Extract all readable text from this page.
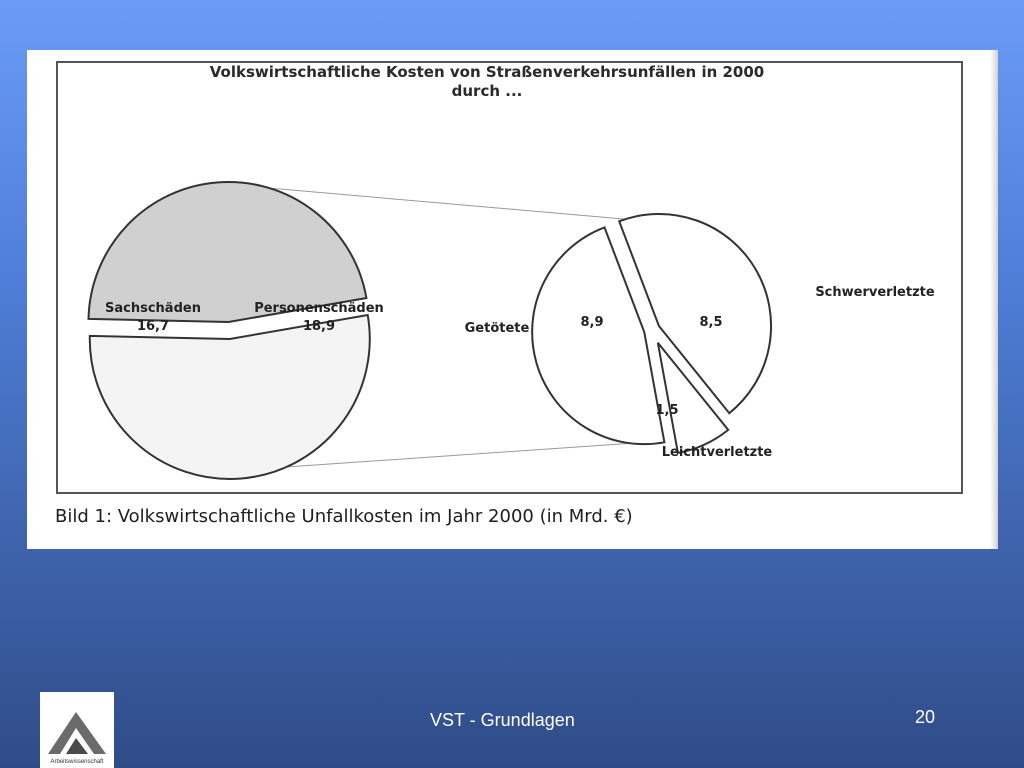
Volkswirtschaftliche Kosten von Straßenverkehrsunfällen in 2000
durch ...
Sachschäden
16,7
Personenschäden
18,9	Getötete	8,9
Schwerverletzte
8,5
1,5
Leichtverletzte
Bild 1: Volkswirtschaftliche Unfallkosten im Jahr 2000 (in Mrd. €)
VST - Grundlagen	20
Arbeitswissenschaft
